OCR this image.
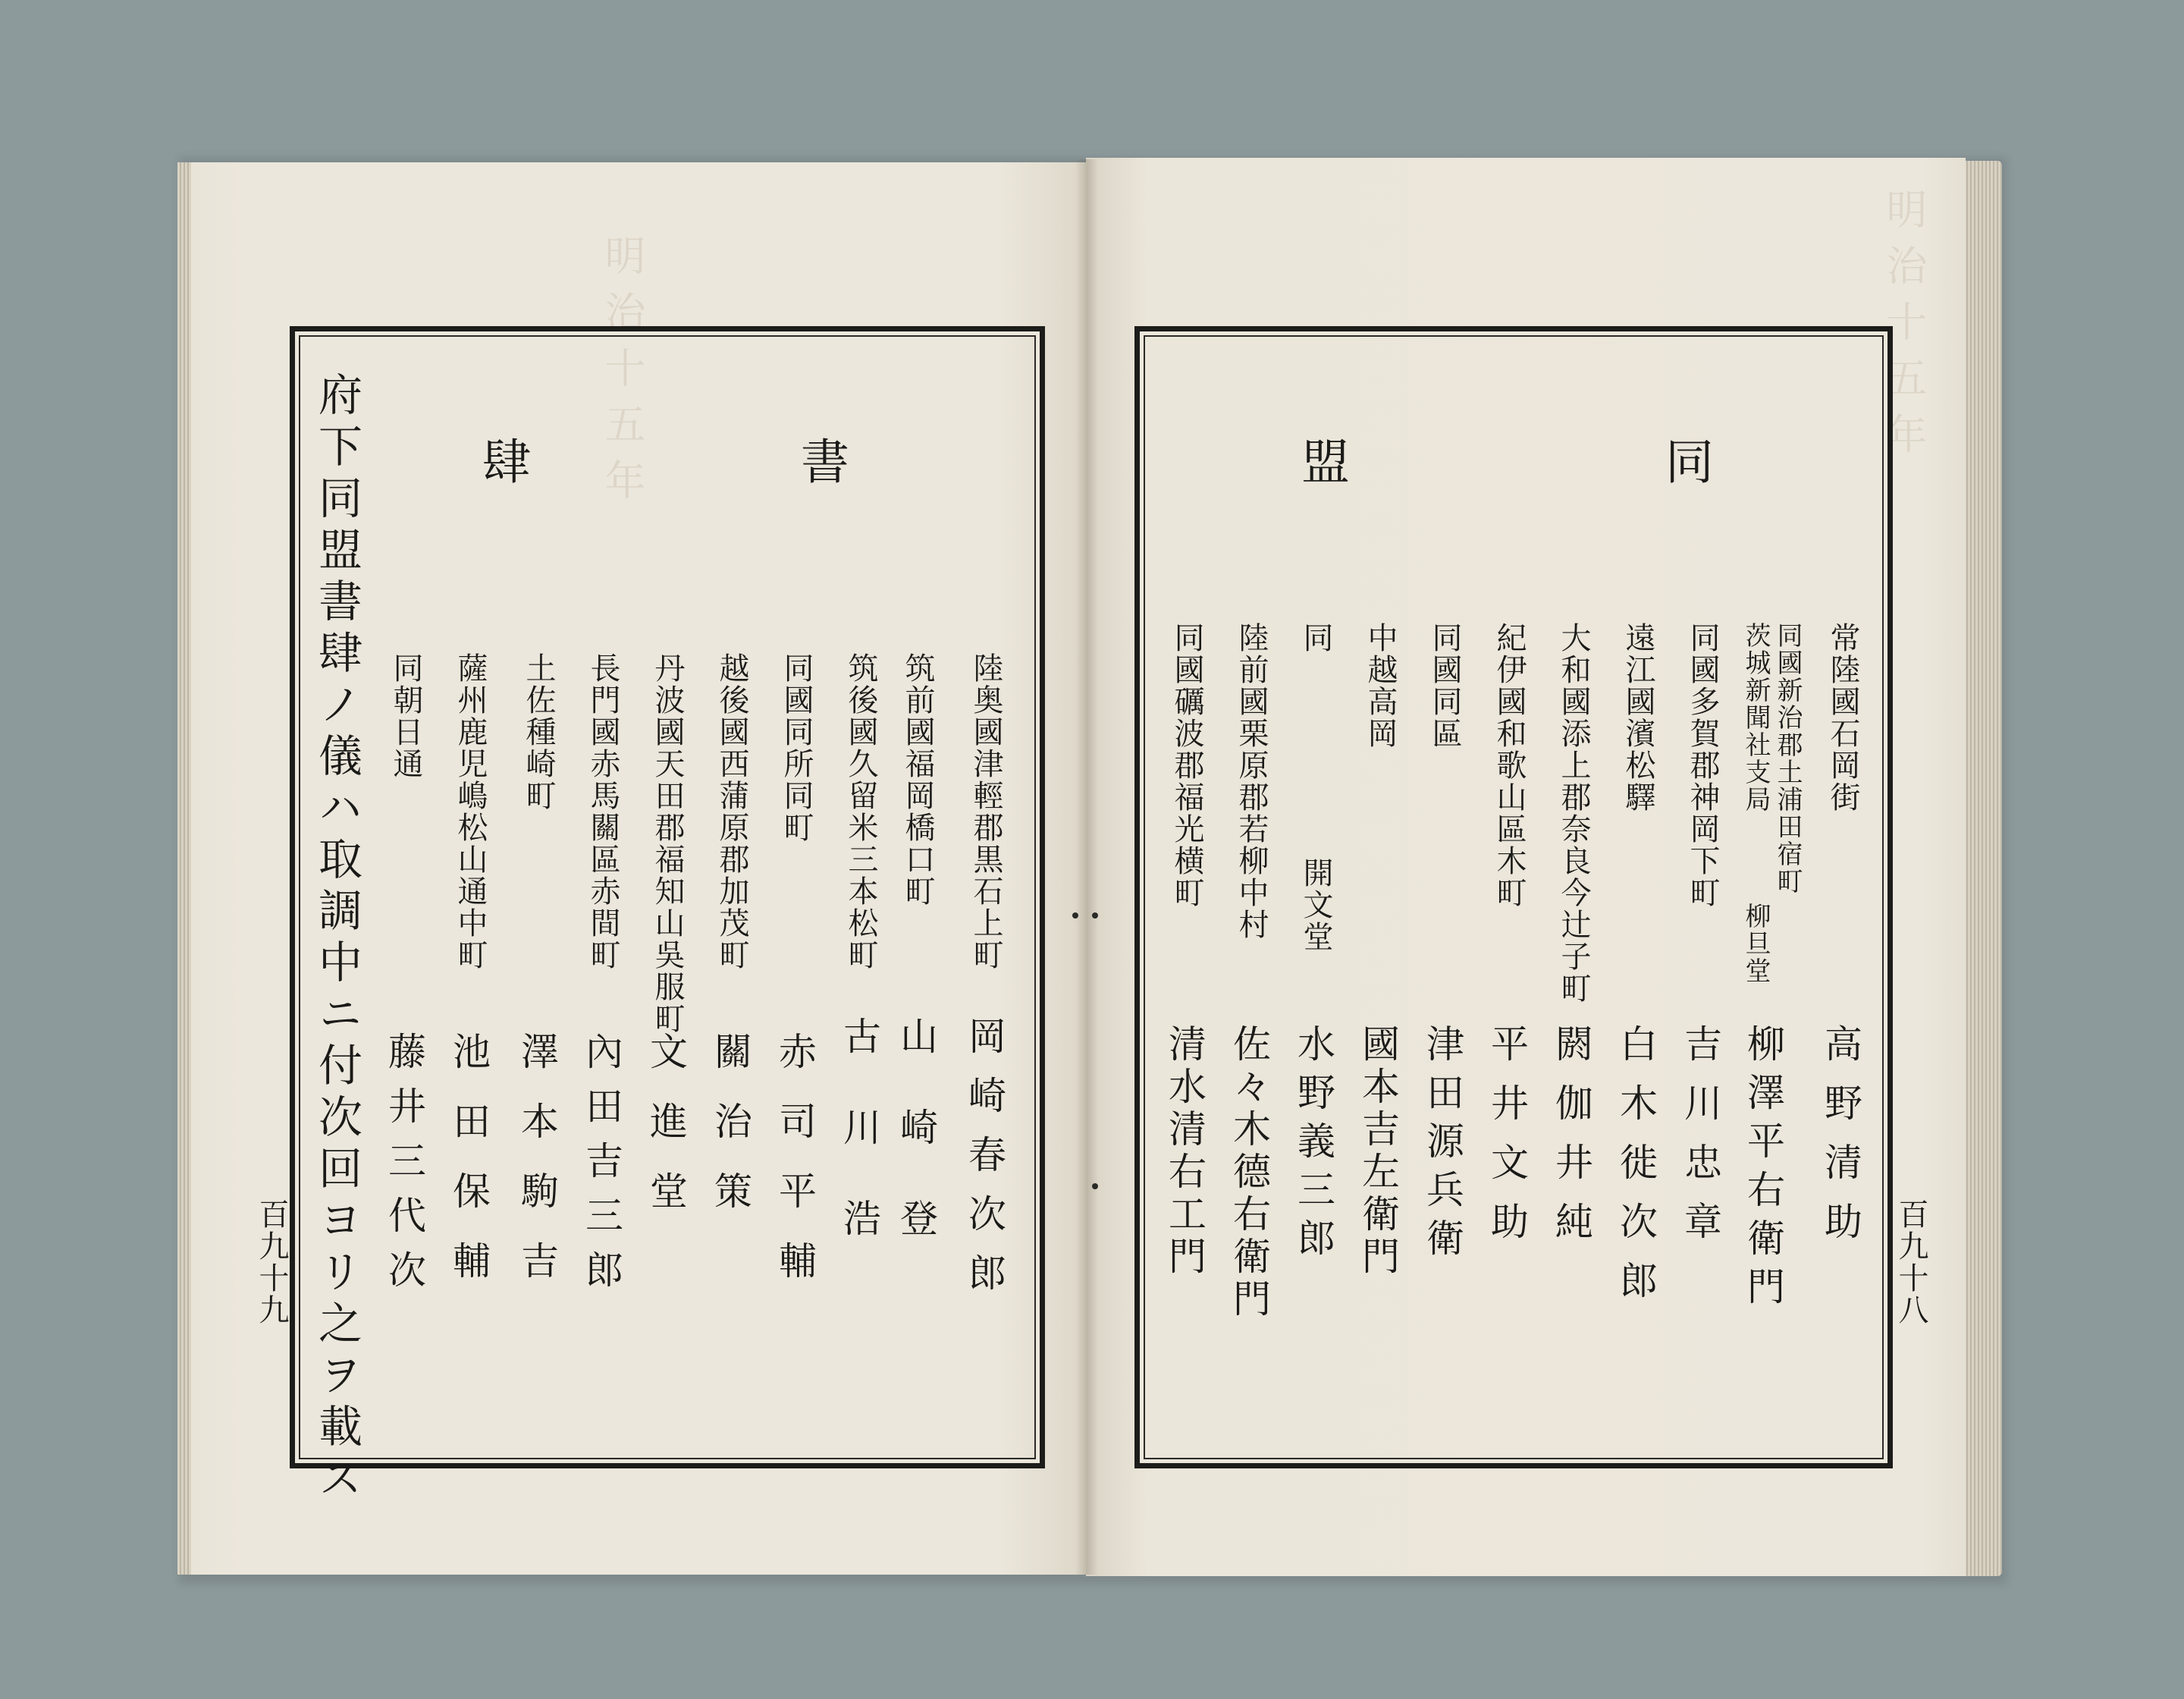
明治十五年	明治十五年
府下同盟書肆ノ儀ハ取調中ニ付次回ヨリ之ヲ載ス 肆	書
陸奥國津輕郡黒石上町
岡崎春次郎
筑前國福岡橋口町
山崎登
筑後國久留米三本松町
古川浩
同國同所同町
赤司平輔
越後國西蒲原郡加茂町
關治策
丹波國天田郡福知山吳服町
文進堂
長門國赤馬關區赤間町
內田吉三郎
土佐種崎町
澤本駒吉
薩州鹿児嶋松山通中町
池田保輔
同朝日通
藤井三代次
百九十九
盟	同
常陸國石岡街
高野清助
同國新治郡土浦田宿町
茨城新聞社支局
柳旦堂
柳澤平右衛門
同國多賀郡神岡下町
吉川忠章
遠江國濱松驛
白木徙次郎
大和國添上郡奈良今辻子町
閼伽井純
紀伊國和歌山區木町
平井文助
同國同區
津田源兵衛
中越高岡
國本吉左衛門
同
開文堂
水野義三郎
陸前國栗原郡若柳中村
佐々木德右衛門
同國礪波郡福光横町
清水清右工門	百九十八
